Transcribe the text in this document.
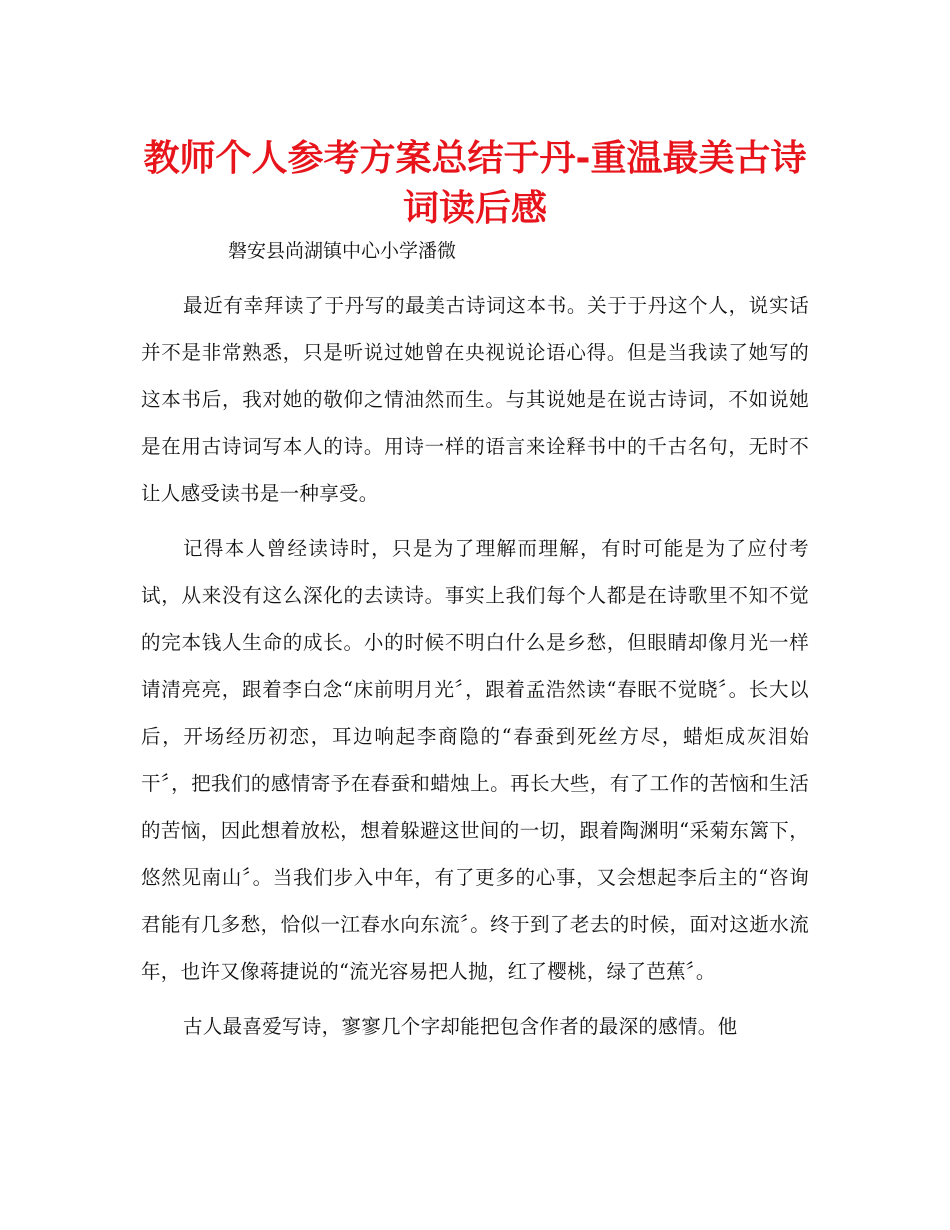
教师个人参考方案总结于丹-重温最美古诗词读后感

磐安县尚湖镇中心小学潘微

最近有幸拜读了于丹写的最美古诗词这本书。关于于丹这个人，说实话并不是非常熟悉，只是听说过她曾在央视说论语心得。但是当我读了她写的这本书后，我对她的敬仰之情油然而生。与其说她是在说古诗词，不如说她是在用古诗词写本人的诗。用诗一样的语言来诠释书中的千古名句，无时不让人感受读书是一种享受。

记得本人曾经读诗时，只是为了理解而理解，有时可能是为了应付考试，从来没有这么深化的去读诗。事实上我们每个人都是在诗歌里不知不觉的完本钱人生命的成长。小的时候不明白什么是乡愁，但眼睛却像月光一样请清亮亮，跟着李白念“床前明月光〞，跟着孟浩然读“春眠不觉晓〞。长大以后，开场经历初恋，耳边响起李商隐的“春蚕到死丝方尽，蜡炬成灰泪始干〞，把我们的感情寄予在春蚕和蜡烛上。再长大些，有了工作的苦恼和生活的苦恼，因此想着放松，想着躲避这世间的一切，跟着陶渊明“采菊东篱下，悠然见南山〞。当我们步入中年，有了更多的心事，又会想起李后主的“咨询君能有几多愁，恰似一江春水向东流〞。终于到了老去的时候，面对这逝水流年，也许又像蒋捷说的“流光容易把人抛，红了樱桃，绿了芭蕉〞。

古人最喜爱写诗，寥寥几个字却能把包含作者的最深的感情。他
